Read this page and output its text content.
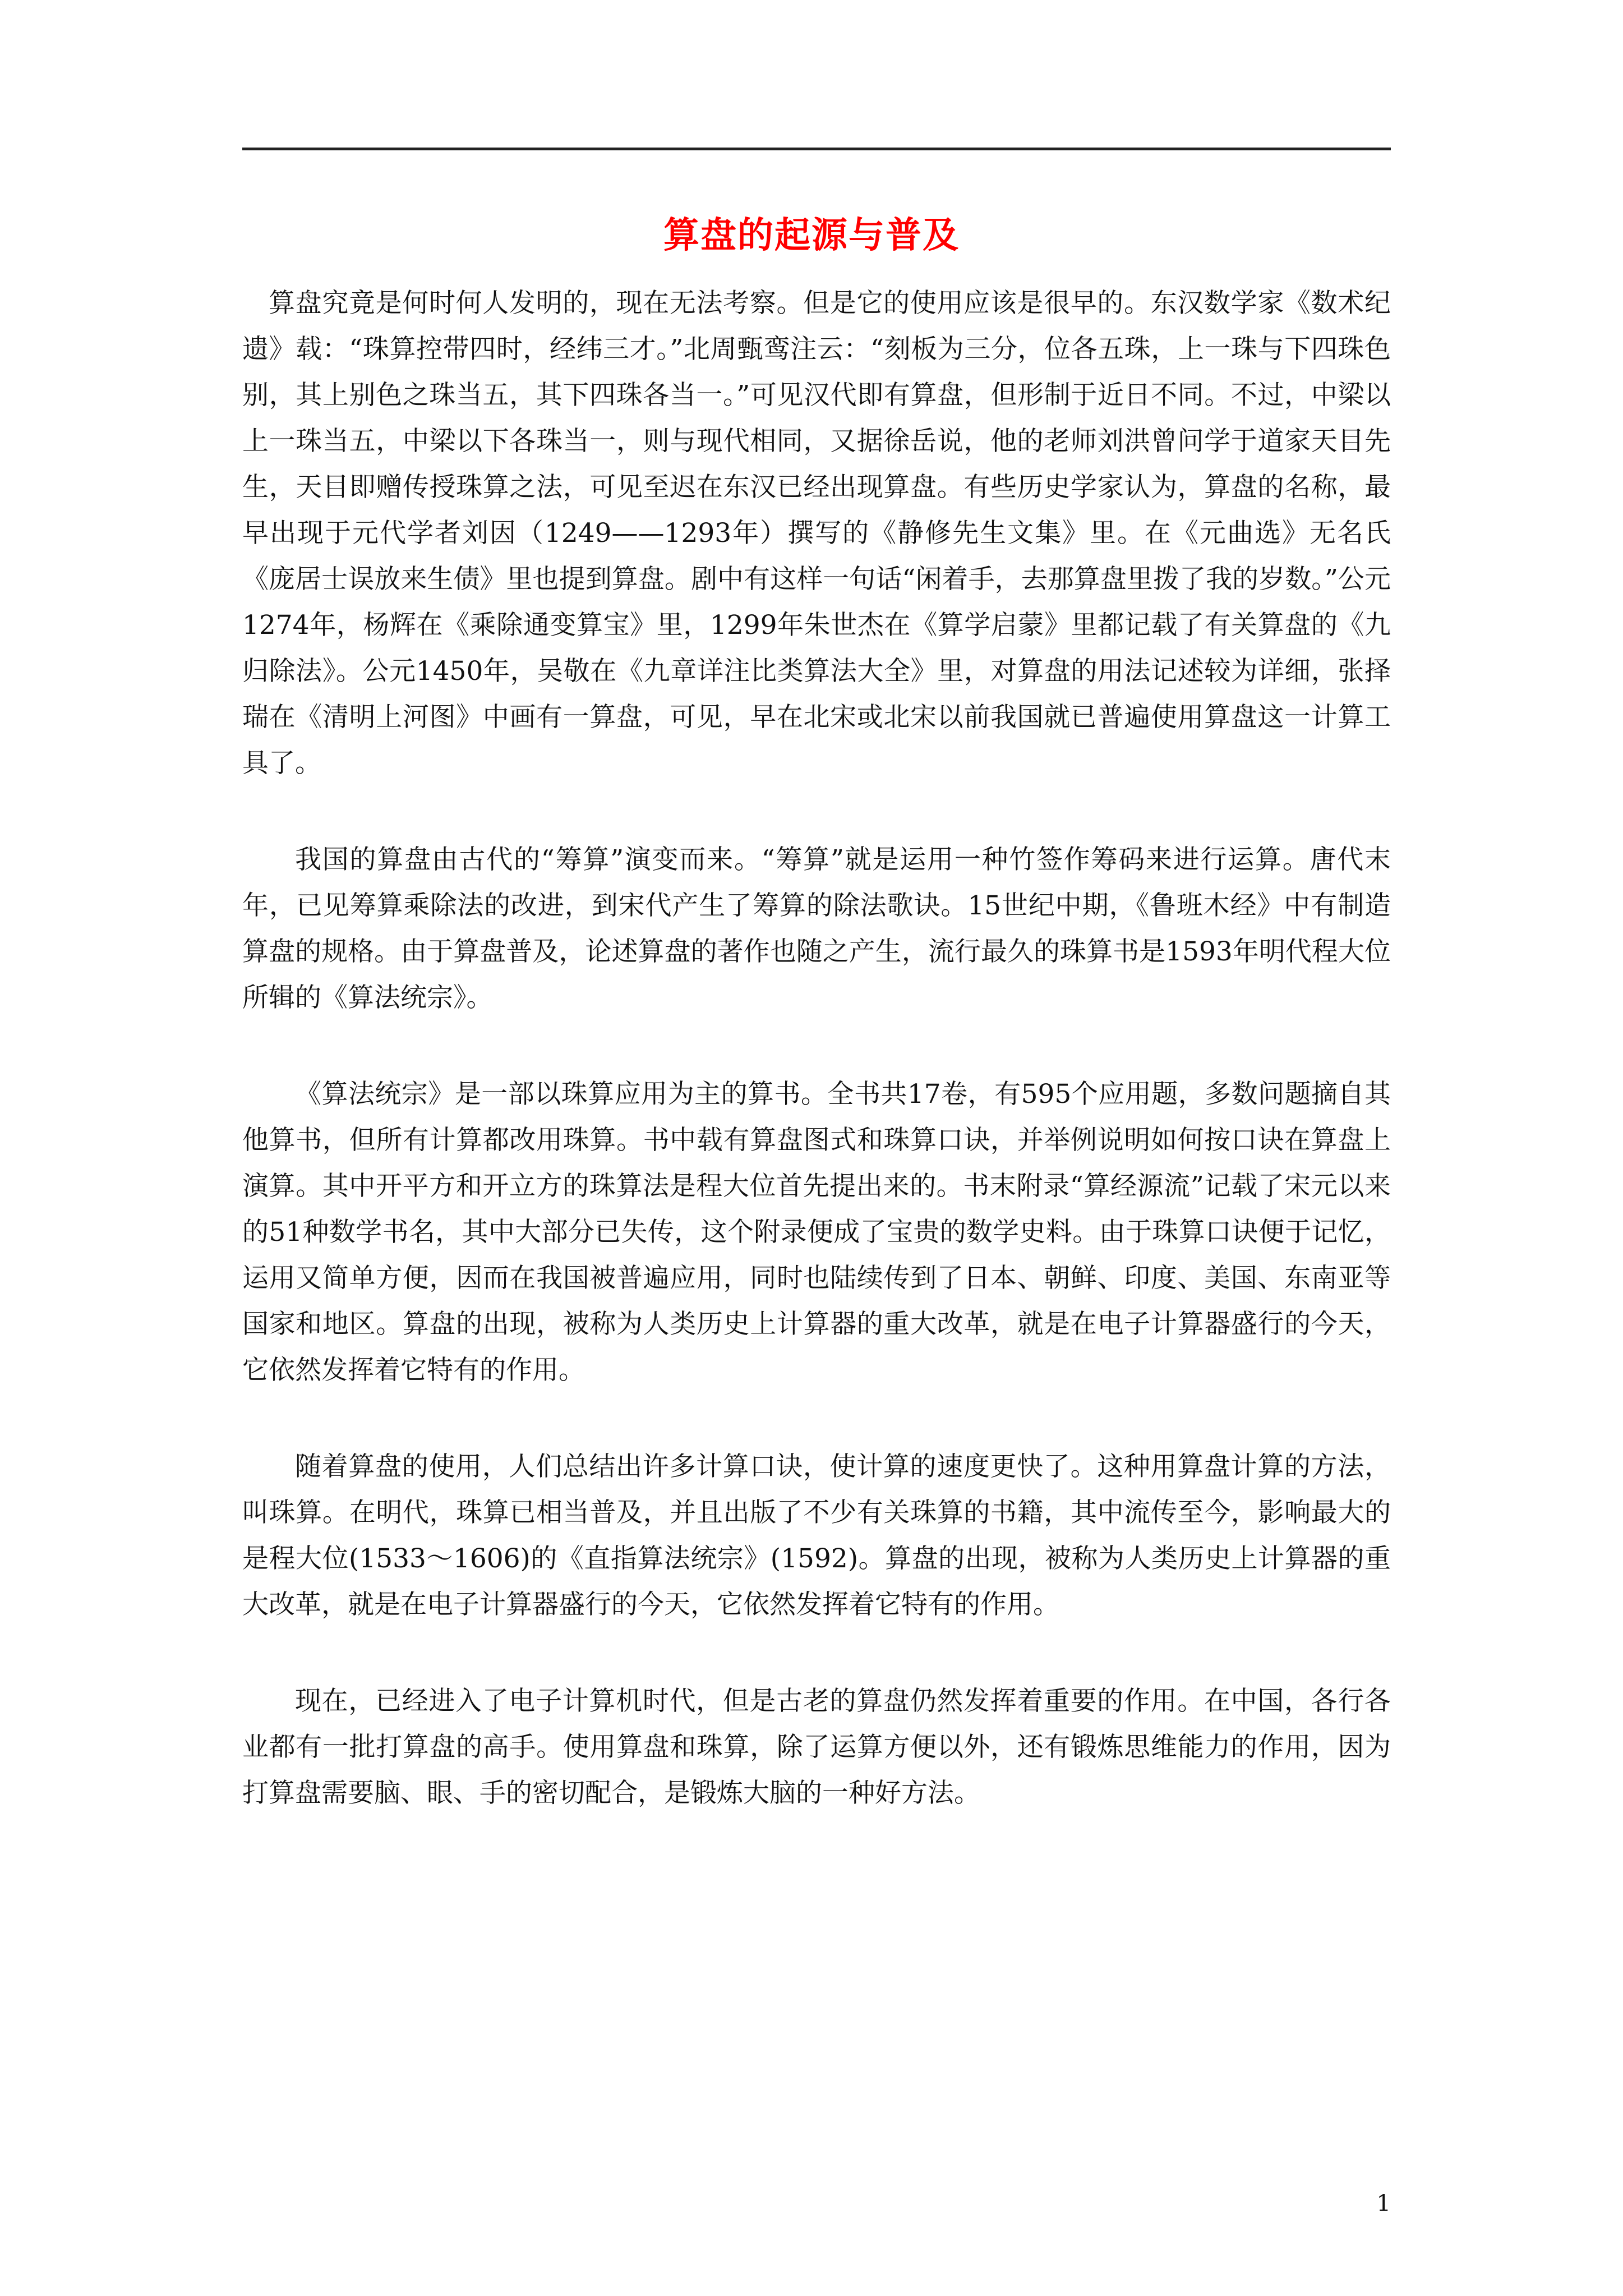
算盘的起源与普及

算盘究竟是何时何人发明的，现在无法考察。但是它的使用应该是很早的。东汉数学家《数术纪遗》载：“珠算控带四时，经纬三才。”北周甄鸾注云：“刻板为三分，位各五珠，上一珠与下四珠色别，其上别色之珠当五，其下四珠各当一。”可见汉代即有算盘，但形制于近日不同。不过，中梁以上一珠当五，中梁以下各珠当一，则与现代相同，又据徐岳说，他的老师刘洪曾问学于道家天目先生，天目即赠传授珠算之法，可见至迟在东汉已经出现算盘。有些历史学家认为，算盘的名称，最早出现于元代学者刘因（1249——1293年）撰写的《静修先生文集》里。在《元曲选》无名氏《庞居士误放来生债》里也提到算盘。剧中有这样一句话“闲着手，去那算盘里拨了我的岁数。”公元1274年，杨辉在《乘除通变算宝》里，1299年朱世杰在《算学启蒙》里都记载了有关算盘的《九归除法》。公元1450年，吴敬在《九章详注比类算法大全》里，对算盘的用法记述较为详细，张择瑞在《清明上河图》中画有一算盘，可见，早在北宋或北宋以前我国就已普遍使用算盘这一计算工具了。

我国的算盘由古代的“筹算”演变而来。“筹算”就是运用一种竹签作筹码来进行运算。唐代末年，已见筹算乘除法的改进，到宋代产生了筹算的除法歌诀。15世纪中期，《鲁班木经》中有制造算盘的规格。由于算盘普及，论述算盘的著作也随之产生，流行最久的珠算书是1593年明代程大位所辑的《算法统宗》。

《算法统宗》是一部以珠算应用为主的算书。全书共17卷，有595个应用题，多数问题摘自其他算书，但所有计算都改用珠算。书中载有算盘图式和珠算口诀，并举例说明如何按口诀在算盘上演算。其中开平方和开立方的珠算法是程大位首先提出来的。书末附录“算经源流”记载了宋元以来的51种数学书名，其中大部分已失传，这个附录便成了宝贵的数学史料。由于珠算口诀便于记忆，运用又简单方便，因而在我国被普遍应用，同时也陆续传到了日本、朝鲜、印度、美国、东南亚等国家和地区。算盘的出现，被称为人类历史上计算器的重大改革，就是在电子计算器盛行的今天，它依然发挥着它特有的作用。

随着算盘的使用，人们总结出许多计算口诀，使计算的速度更快了。这种用算盘计算的方法，叫珠算。在明代，珠算已相当普及，并且出版了不少有关珠算的书籍，其中流传至今，影响最大的是程大位(1533～1606)的《直指算法统宗》(1592)。算盘的出现，被称为人类历史上计算器的重大改革，就是在电子计算器盛行的今天，它依然发挥着它特有的作用。

现在，已经进入了电子计算机时代，但是古老的算盘仍然发挥着重要的作用。在中国，各行各业都有一批打算盘的高手。使用算盘和珠算，除了运算方便以外，还有锻炼思维能力的作用，因为打算盘需要脑、眼、手的密切配合，是锻炼大脑的一种好方法。

1
